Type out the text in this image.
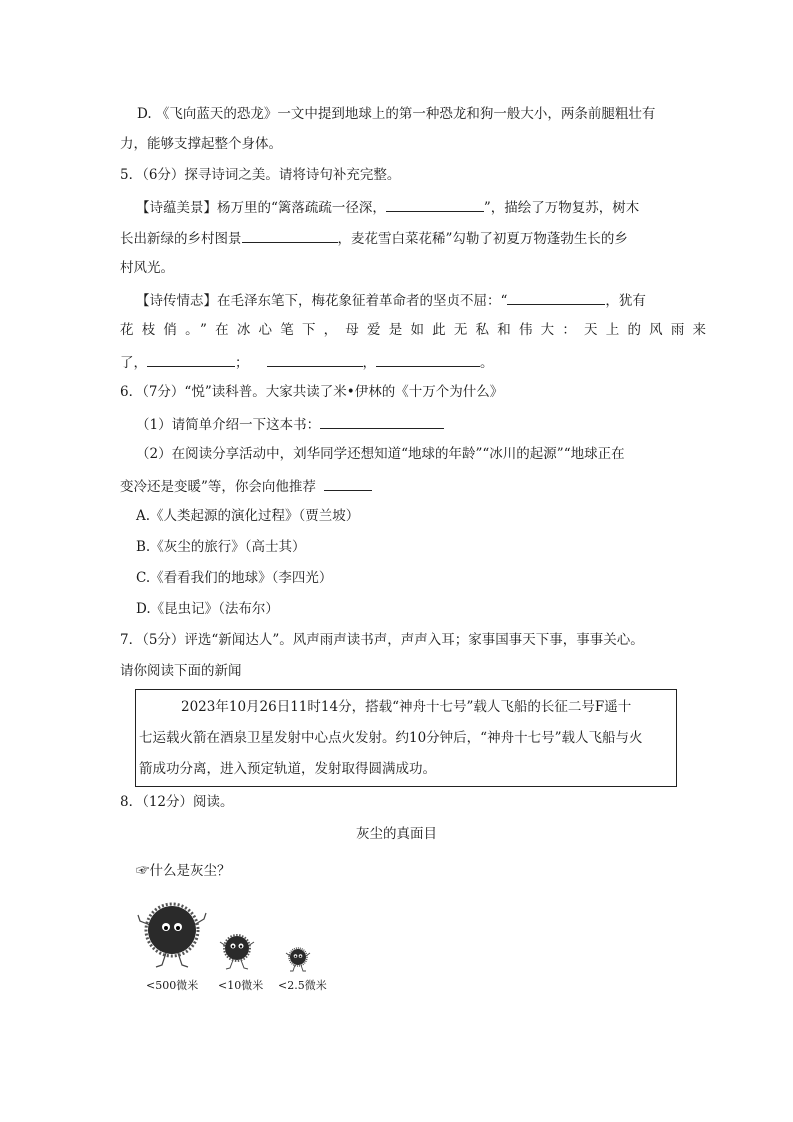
D. 《飞向蓝天的恐龙》一文中提到地球上的第一种恐龙和狗一般大小，两条前腿粗壮有
力，能够支撑起整个身体。
5．（6分）探寻诗词之美。请将诗句补充完整。
【诗蕴美景】杨万里的“篱落疏疏一径深，	”，描绘了万物复苏，树木
长出新绿的乡村图景	，麦花雪白菜花稀”勾勒了初夏万物蓬勃生长的乡
村风光。
【诗传情志】在毛泽东笔下，梅花象征着革命者的坚贞不屈：“	，犹有
花枝俏。”在冰心笔下，母爱是如此无私和伟大：天上的风雨来
了，	；	，	。
6．（7分）“悦”读科普。大家共读了米•伊林的《十万个为什么》
（1）请简单介绍一下这本书：
（2）在阅读分享活动中，刘华同学还想知道“地球的年龄”“冰川的起源”“地球正在
变冷还是变暖”等，你会向他推荐
A.《人类起源的演化过程》（贾兰坡）
B.《灰尘的旅行》（高士其）
C.《看看我们的地球》（李四光）
D.《昆虫记》（法布尔）
7．（5分）评选“新闻达人”。风声雨声读书声，声声入耳；家事国事天下事，事事关心。
请你阅读下面的新闻
2023年10月26日11时14分，搭载“神舟十七号”载人飞船的长征二号F遥十
七运载火箭在酒泉卫星发射中心点火发射。约10分钟后，“神舟十七号”载人飞船与火
箭成功分离，进入预定轨道，发射取得圆满成功。
8．（12分）阅读。
灰尘的真面目
☞什么是灰尘？
<500微米 <10微米 <2.5微米
